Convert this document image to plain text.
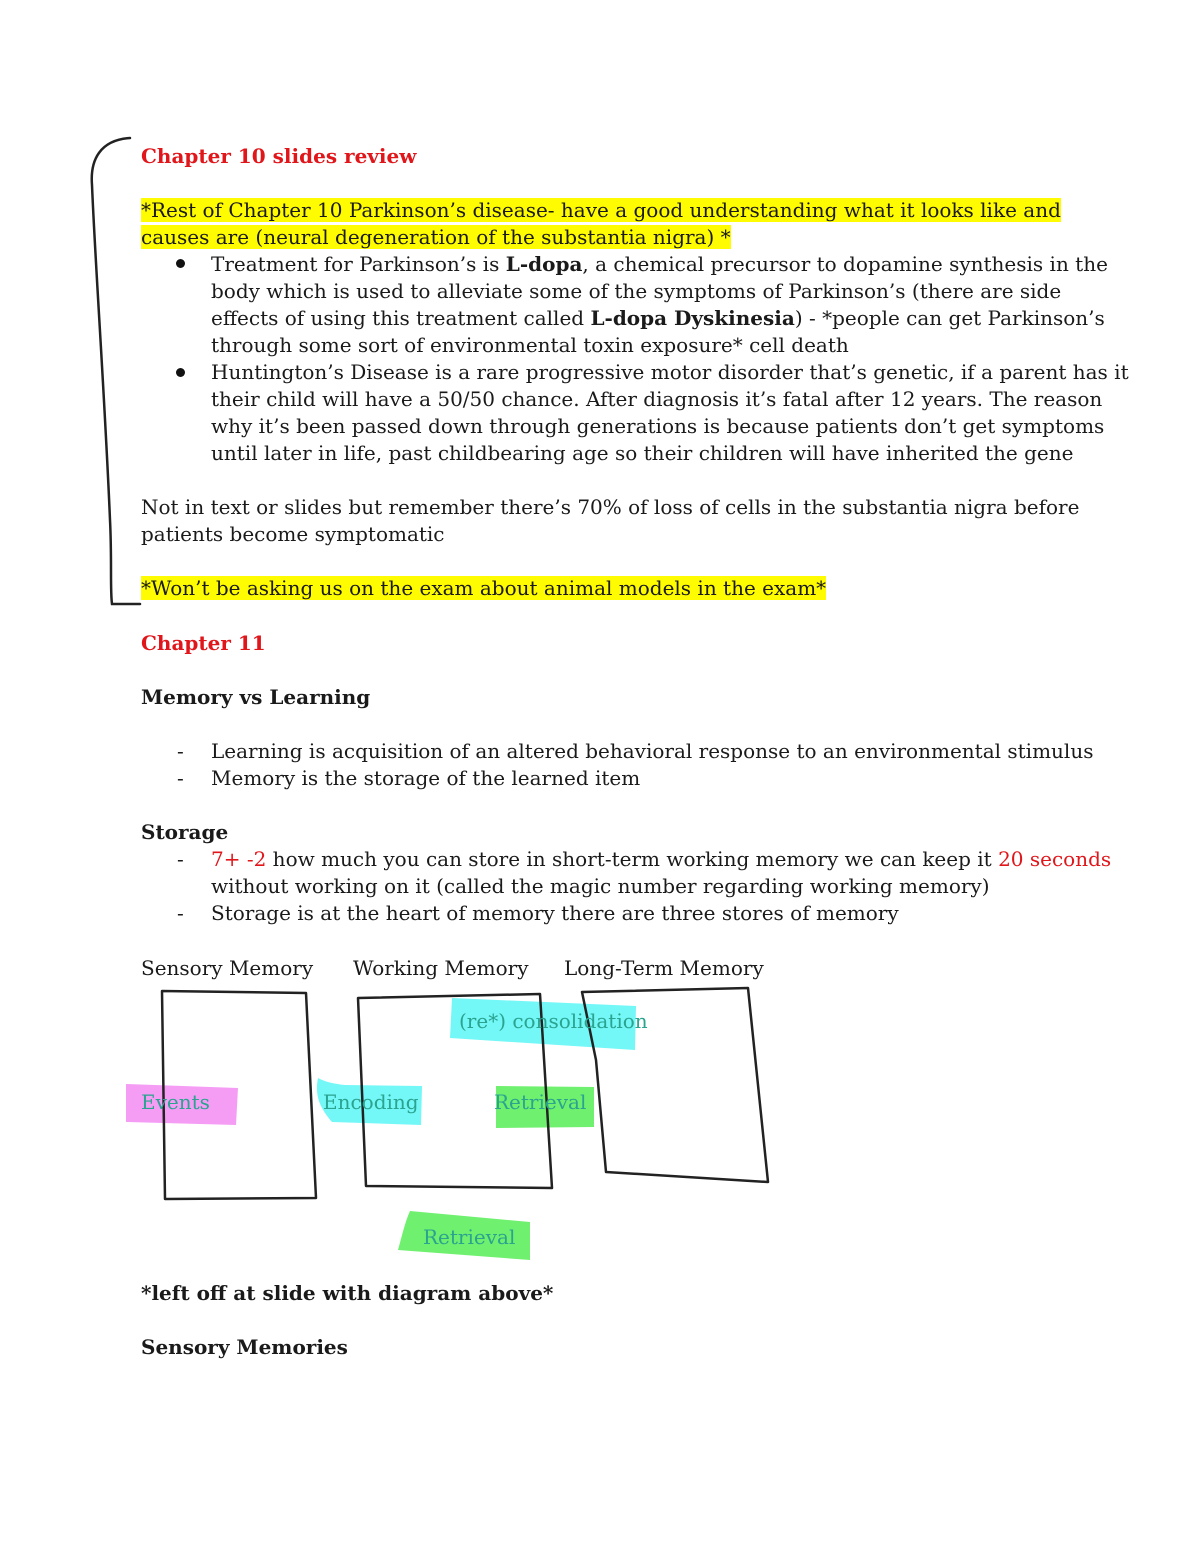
Chapter 10 slides review
*Rest of Chapter 10 Parkinson’s disease- have a good understanding what it looks like and
causes are (neural degeneration of the substantia nigra) *
Treatment for Parkinson’s is L-dopa, a chemical precursor to dopamine synthesis in the
body which is used to alleviate some of the symptoms of Parkinson’s (there are side
effects of using this treatment called L-dopa Dyskinesia) - *people can get Parkinson’s
through some sort of environmental toxin exposure* cell death
Huntington’s Disease is a rare progressive motor disorder that’s genetic, if a parent has it
their child will have a 50/50 chance. After diagnosis it’s fatal after 12 years. The reason
why it’s been passed down through generations is because patients don’t get symptoms
until later in life, past childbearing age so their children will have inherited the gene
Not in text or slides but remember there’s 70% of loss of cells in the substantia nigra before
patients become symptomatic
*Won’t be asking us on the exam about animal models in the exam*
Chapter 11
Memory vs Learning
- Learning is acquisition of an altered behavioral response to an environmental stimulus
- Memory is the storage of the learned item
Storage
- 7+ -2 how much you can store in short-term working memory we can keep it 20 seconds
without working on it (called the magic number regarding working memory)
- Storage is at the heart of memory there are three stores of memory
Sensory Memory Working Memory Long-Term Memory
(re*) consolidation
Events	Encoding	Retrieval
Retrieval
*left off at slide with diagram above*
Sensory Memories
